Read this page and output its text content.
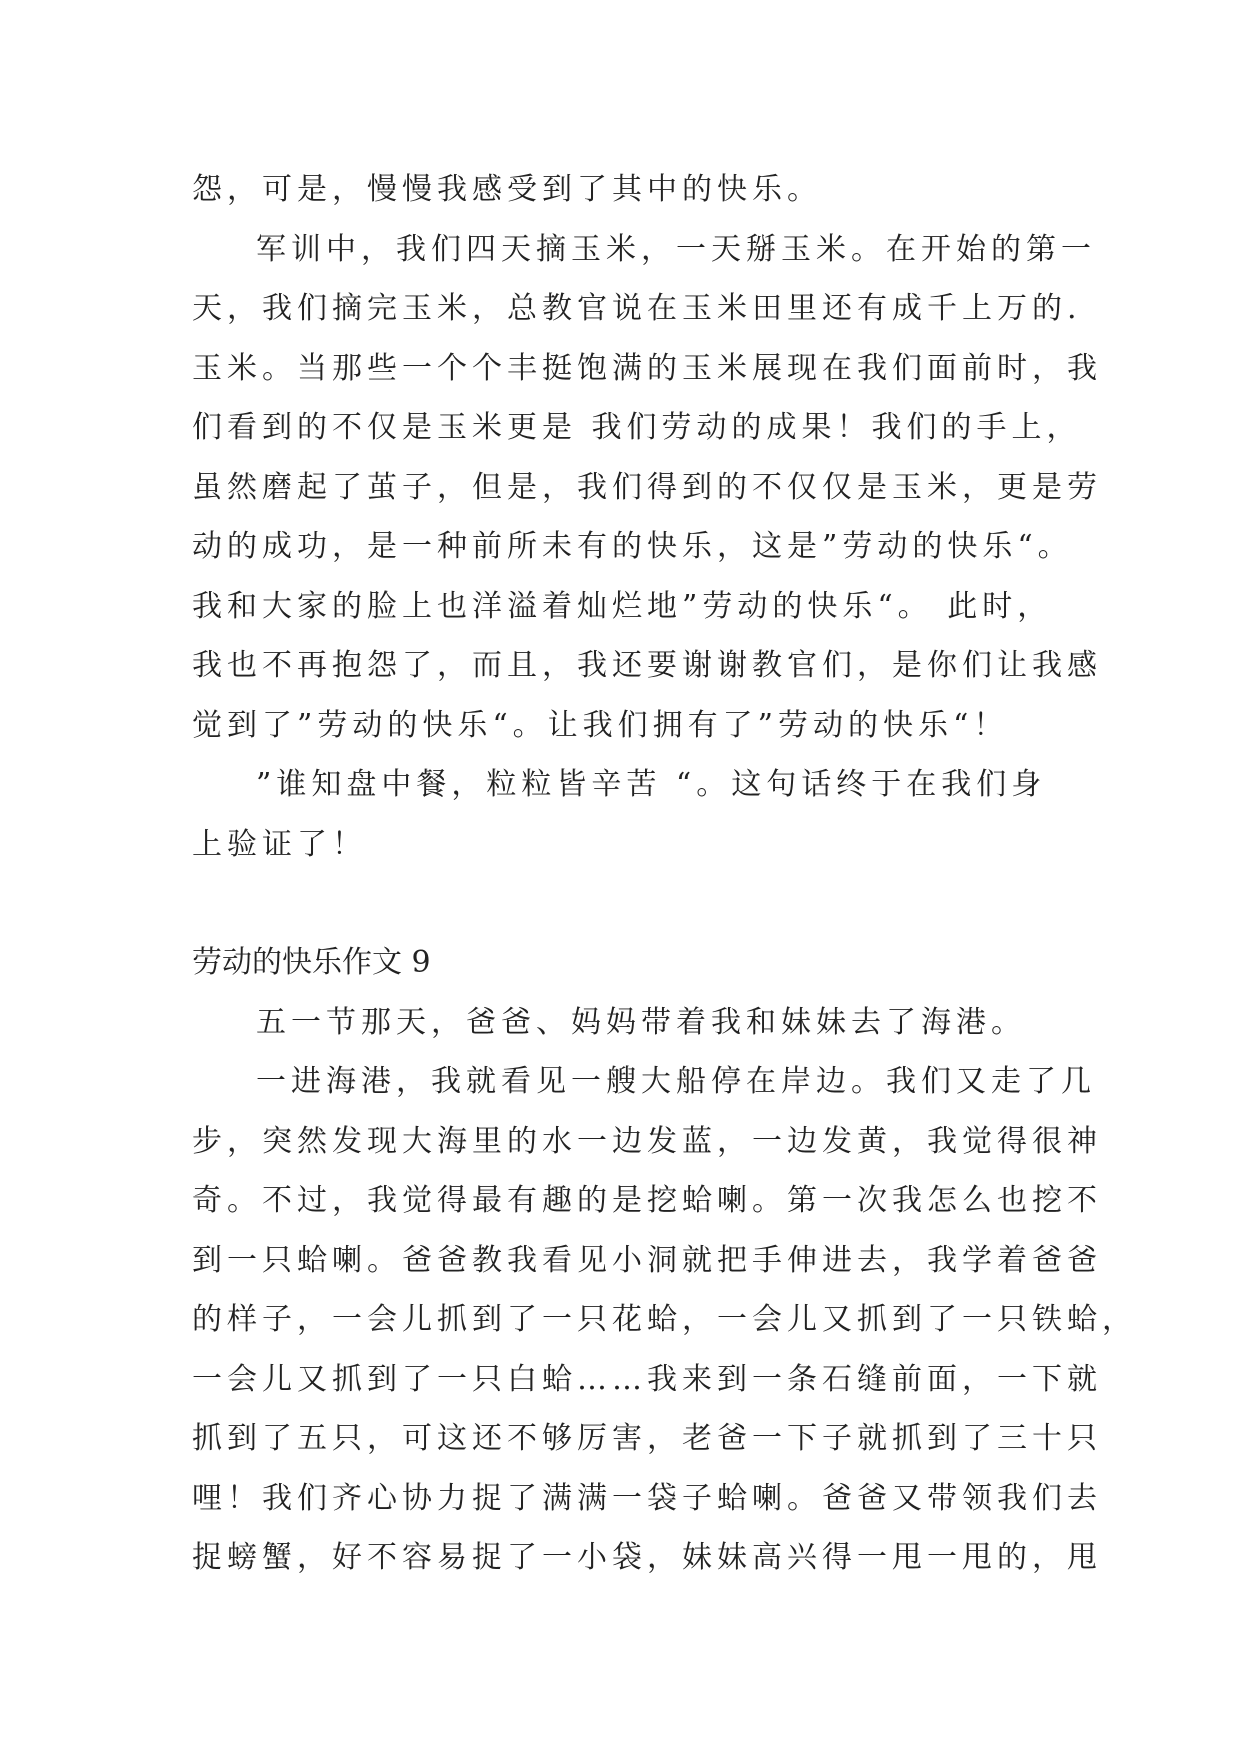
怨，可是，慢慢我感受到了其中的快乐。
军训中，我们四天摘玉米，一天掰玉米。在开始的第一
天，我们摘完玉米，总教官说在玉米田里还有成千上万的.
玉米。当那些一个个丰挺饱满的玉米展现在我们面前时，我
们看到的不仅是玉米更是 我们劳动的成果！我们的手上，
虽然磨起了茧子，但是，我们得到的不仅仅是玉米，更是劳
动的成功，是一种前所未有的快乐，这是”劳动的快乐“。
我和大家的脸上也洋溢着灿烂地”劳动的快乐“。 此时，
我也不再抱怨了，而且，我还要谢谢教官们，是你们让我感
觉到了”劳动的快乐“。让我们拥有了”劳动的快乐“！
”谁知盘中餐，粒粒皆辛苦 “。这句话终于在我们身
上验证了！
劳动的快乐作文 9
五一节那天，爸爸、妈妈带着我和妹妹去了海港。
一进海港，我就看见一艘大船停在岸边。我们又走了几
步，突然发现大海里的水一边发蓝，一边发黄，我觉得很神
奇。不过，我觉得最有趣的是挖蛤喇。第一次我怎么也挖不
到一只蛤喇。爸爸教我看见小洞就把手伸进去，我学着爸爸
的样子，一会儿抓到了一只花蛤，一会儿又抓到了一只铁蛤，
一会儿又抓到了一只白蛤……我来到一条石缝前面，一下就
抓到了五只，可这还不够厉害，老爸一下子就抓到了三十只
哩！我们齐心协力捉了满满一袋子蛤喇。爸爸又带领我们去
捉螃蟹，好不容易捉了一小袋，妹妹高兴得一甩一甩的，甩
